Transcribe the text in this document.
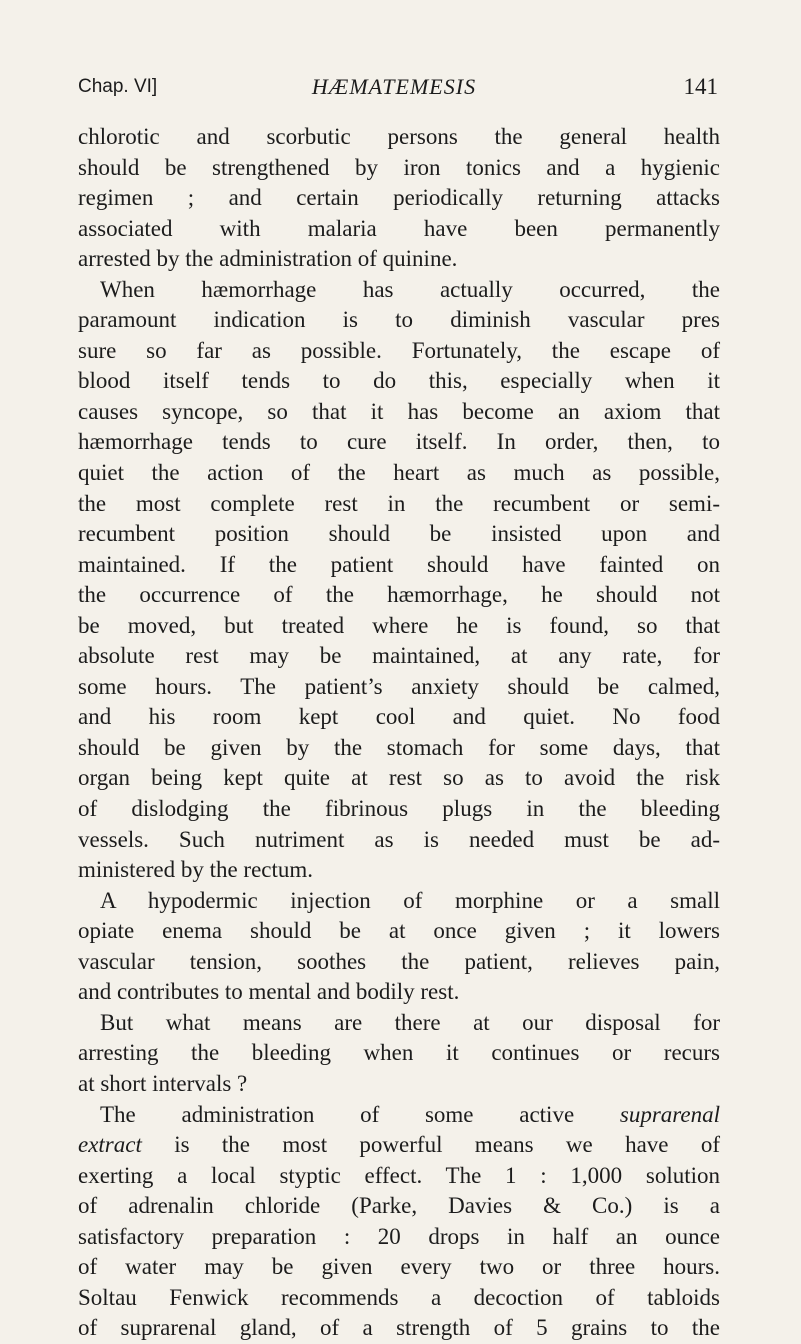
Chap. VI]	HÆMATEMESIS	141
chlorotic and scorbutic persons the general health
should be strengthened by iron tonics and a hygienic
regimen ; and certain periodically returning attacks
associated with malaria have been permanently
arrested by the administration of quinine.
When hæmorrhage has actually occurred, the
paramount indication is to diminish vascular pres
sure so far as possible. Fortunately, the escape of
blood itself tends to do this, especially when it
causes syncope, so that it has become an axiom that
hæmorrhage tends to cure itself. In order, then, to
quiet the action of the heart as much as possible,
the most complete rest in the recumbent or semi-
recumbent position should be insisted upon and
maintained. If the patient should have fainted on
the occurrence of the hæmorrhage, he should not
be moved, but treated where he is found, so that
absolute rest may be maintained, at any rate, for
some hours. The patient’s anxiety should be calmed,
and his room kept cool and quiet. No food
should be given by the stomach for some days, that
organ being kept quite at rest so as to avoid the risk
of dislodging the fibrinous plugs in the bleeding
vessels. Such nutriment as is needed must be ad-
ministered by the rectum.
A hypodermic injection of morphine or a small
opiate enema should be at once given ; it lowers
vascular tension, soothes the patient, relieves pain,
and contributes to mental and bodily rest.
But what means are there at our disposal for
arresting the bleeding when it continues or recurs
at short intervals ?
The administration of some active suprarenal
extract is the most powerful means we have of
exerting a local styptic effect. The 1 : 1,000 solution
of adrenalin chloride (Parke, Davies & Co.) is a
satisfactory preparation : 20 drops in half an ounce
of water may be given every two or three hours.
Soltau Fenwick recommends a decoction of tabloids
of suprarenal gland, of a strength of 5 grains to the
